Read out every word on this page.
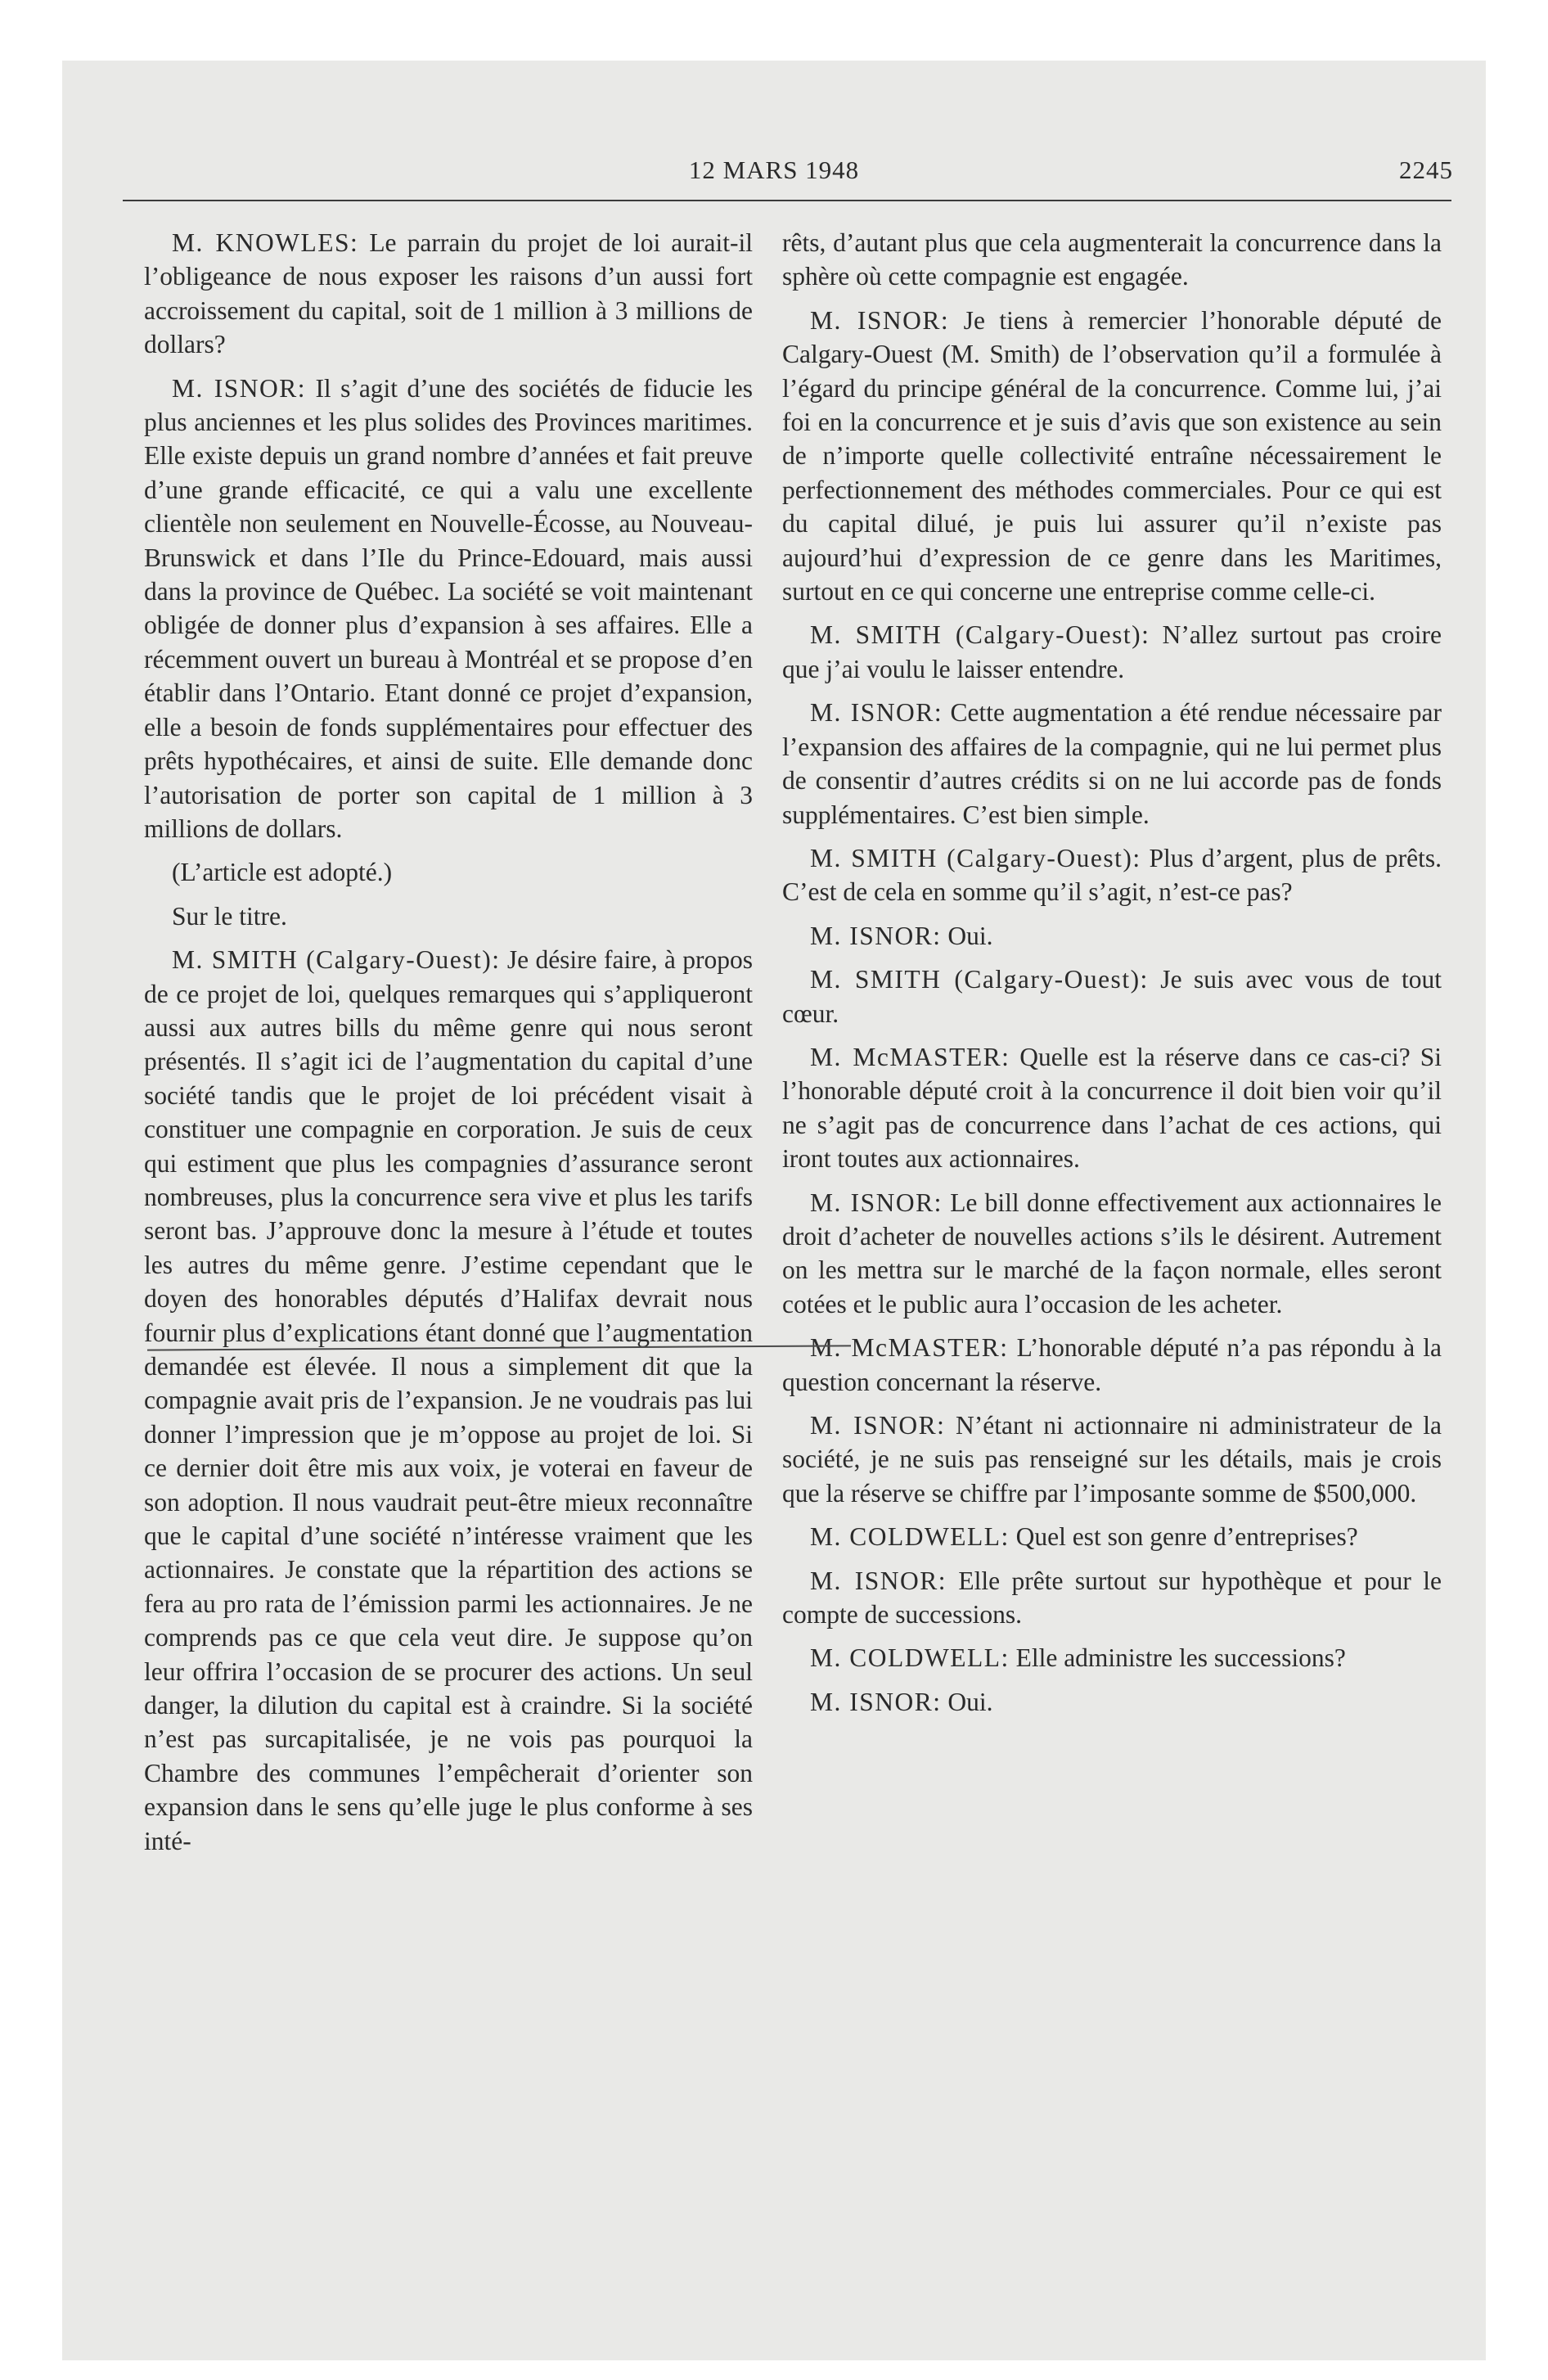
12 MARS 1948	2245

M. KNOWLES: Le parrain du projet de loi aurait-il l’obligeance de nous exposer les raisons d’un aussi fort accroissement du capital, soit de 1 million à 3 millions de dollars?

M. ISNOR: Il s’agit d’une des sociétés de fiducie les plus anciennes et les plus solides des Provinces maritimes. Elle existe depuis un grand nombre d’années et fait preuve d’une grande efficacité, ce qui a valu une excellente clientèle non seulement en Nouvelle-Écosse, au Nouveau-Brunswick et dans l’Ile du Prince-Edouard, mais aussi dans la province de Québec. La société se voit maintenant obligée de donner plus d’expansion à ses affaires. Elle a récemment ouvert un bureau à Montréal et se propose d’en établir dans l’Ontario. Etant donné ce projet d’expansion, elle a besoin de fonds supplémentaires pour effectuer des prêts hypothécaires, et ainsi de suite. Elle demande donc l’autorisation de porter son capital de 1 million à 3 millions de dollars.

(L’article est adopté.)

Sur le titre.

M. SMITH (Calgary-Ouest): Je désire faire, à propos de ce projet de loi, quelques remarques qui s’appliqueront aussi aux autres bills du même genre qui nous seront présentés. Il s’agit ici de l’augmentation du capital d’une société tandis que le projet de loi précédent visait à constituer une compagnie en corporation. Je suis de ceux qui estiment que plus les compagnies d’assurance seront nombreuses, plus la concurrence sera vive et plus les tarifs seront bas. J’approuve donc la mesure à l’étude et toutes les autres du même genre. J’estime cependant que le doyen des honorables députés d’Halifax devrait nous fournir plus d’explications étant donné que l’augmentation demandée est élevée. Il nous a simplement dit que la compagnie avait pris de l’expansion. Je ne voudrais pas lui donner l’impression que je m’oppose au projet de loi. Si ce dernier doit être mis aux voix, je voterai en faveur de son adoption. Il nous vaudrait peut-être mieux reconnaître que le capital d’une société n’intéresse vraiment que les actionnaires. Je constate que la répartition des actions se fera au pro rata de l’émission parmi les actionnaires. Je ne comprends pas ce que cela veut dire. Je suppose qu’on leur offrira l’occasion de se procurer des actions. Un seul danger, la dilution du capital est à craindre. Si la société n’est pas surcapitalisée, je ne vois pas pourquoi la Chambre des communes l’empêcherait d’orienter son expansion dans le sens qu’elle juge le plus conforme à ses inté-

rêts, d’autant plus que cela augmenterait la concurrence dans la sphère où cette compagnie est engagée.

M. ISNOR: Je tiens à remercier l’honorable député de Calgary-Ouest (M. Smith) de l’observation qu’il a formulée à l’égard du principe général de la concurrence. Comme lui, j’ai foi en la concurrence et je suis d’avis que son existence au sein de n’importe quelle collectivité entraîne nécessairement le perfectionnement des méthodes commerciales. Pour ce qui est du capital dilué, je puis lui assurer qu’il n’existe pas aujourd’hui d’expression de ce genre dans les Maritimes, surtout en ce qui concerne une entreprise comme celle-ci.

M. SMITH (Calgary-Ouest): N’allez surtout pas croire que j’ai voulu le laisser entendre.

M. ISNOR: Cette augmentation a été rendue nécessaire par l’expansion des affaires de la compagnie, qui ne lui permet plus de consentir d’autres crédits si on ne lui accorde pas de fonds supplémentaires. C’est bien simple.

M. SMITH (Calgary-Ouest): Plus d’argent, plus de prêts. C’est de cela en somme qu’il s’agit, n’est-ce pas?

M. ISNOR: Oui.

M. SMITH (Calgary-Ouest): Je suis avec vous de tout cœur.

M. McMASTER: Quelle est la réserve dans ce cas-ci? Si l’honorable député croit à la concurrence il doit bien voir qu’il ne s’agit pas de concurrence dans l’achat de ces actions, qui iront toutes aux actionnaires.

M. ISNOR: Le bill donne effectivement aux actionnaires le droit d’acheter de nouvelles actions s’ils le désirent. Autrement on les mettra sur le marché de la façon normale, elles seront cotées et le public aura l’occasion de les acheter.

M. McMASTER: L’honorable député n’a pas répondu à la question concernant la réserve.

M. ISNOR: N’étant ni actionnaire ni administrateur de la société, je ne suis pas renseigné sur les détails, mais je crois que la réserve se chiffre par l’imposante somme de $500,000.

M. COLDWELL: Quel est son genre d’entreprises?

M. ISNOR: Elle prête surtout sur hypothèque et pour le compte de successions.

M. COLDWELL: Elle administre les successions?

M. ISNOR: Oui.
